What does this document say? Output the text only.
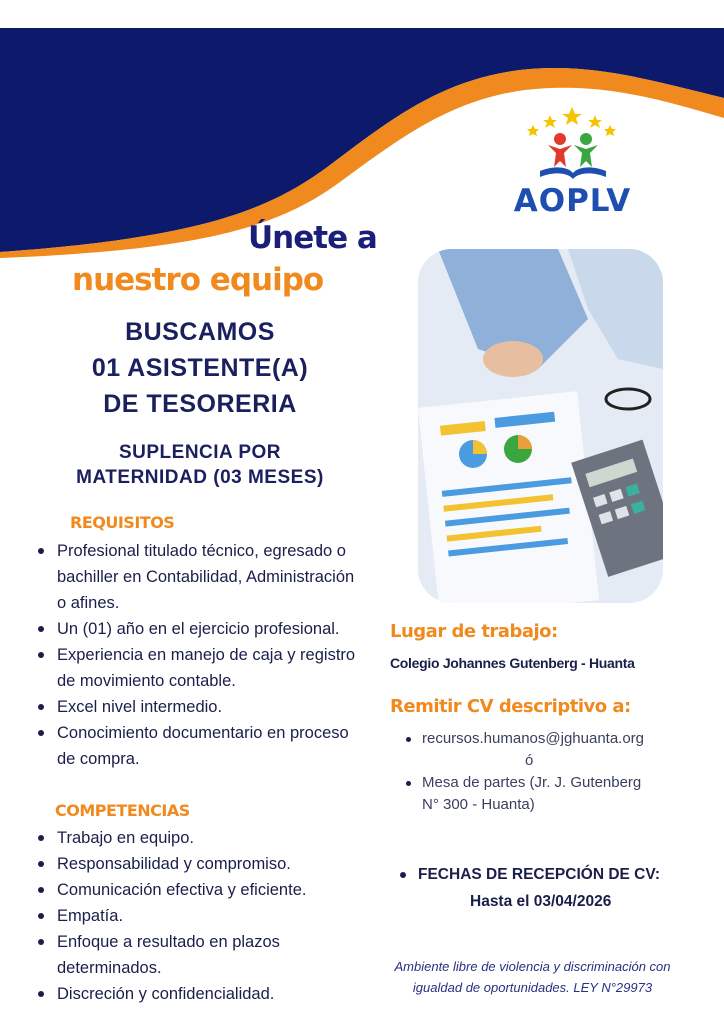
AOPLV
Únete a
nuestro equipo
BUSCAMOS
01 ASISTENTE(A)
DE TESORERIA
SUPLENCIA POR
MATERNIDAD (03 MESES)
REQUISITOS
Profesional titulado técnico, egresado o bachiller en Contabilidad, Administración o afines.
Un (01) año en el ejercicio profesional.
Experiencia en manejo de caja y registro de movimiento contable.
Excel nivel intermedio.
Conocimiento documentario en proceso de compra.
COMPETENCIAS
Trabajo en equipo.
Responsabilidad y compromiso.
Comunicación efectiva y eficiente.
Empatía.
Enfoque a resultado en plazos determinados.
Discreción y confidencialidad.
Lugar de trabajo:
Colegio Johannes Gutenberg - Huanta
Remitir CV descriptivo a:
recursos.humanos@jghuanta.org
ó
Mesa de partes (Jr. J. Gutenberg
N° 300 - Huanta)
FECHAS DE RECEPCIÓN DE CV:
Hasta el 03/04/2026
Ambiente libre de violencia y discriminación con
igualdad de oportunidades. LEY N°29973
